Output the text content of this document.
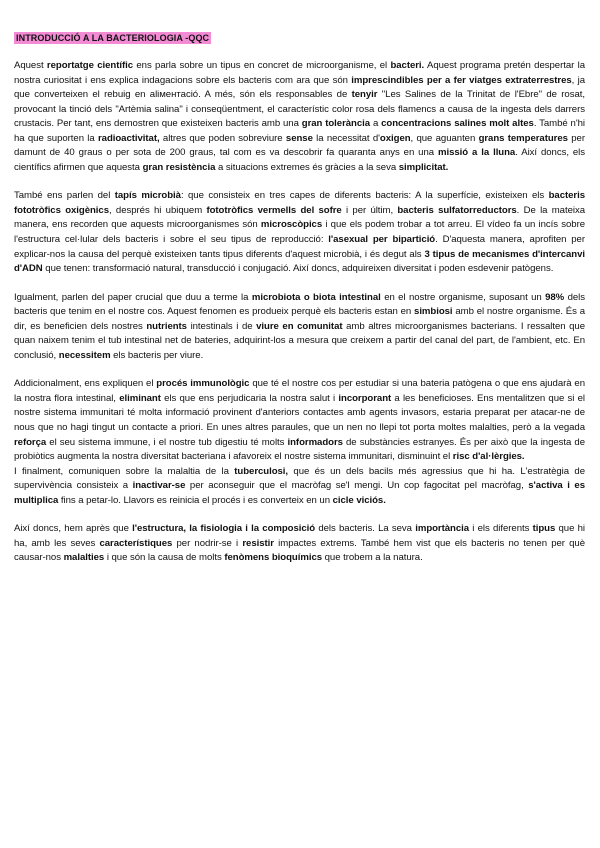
INTRODUCCIÓ A LA BACTERIOLOGIA -QQC

Aquest reportatge científic ens parla sobre un tipus en concret de microorganisme, el bacteri. Aquest programa pretén despertar la nostra curiositat i ens explica indagacions sobre els bacteris com ara que són imprescindibles per a fer viatges extraterrestres, ja que converteixen el rebuig en aliментació. A més, són els responsables de tenyir "Les Salines de la Trinitat de l'Ebre" de rosat, provocant la tinció dels "Artèmia salina" i conseqüentment, el característic color rosa dels flamencs a causa de la ingesta dels darrers crustacis. Per tant, ens demostren que existeixen bacteris amb una gran tolerància a concentracions salines molt altes. També n'hi ha que suporten la radioactivitat, altres que poden sobreviure sense la necessitat d'oxigen, que aguanten grans temperatures per damunt de 40 graus o per sota de 200 graus, tal com es va descobrir fa quaranta anys en una missió a la lluna. Així doncs, els científics afirmen que aquesta gran resistència a situacions extremes és gràcies a la seva simplicitat.

També ens parlen del tapís microbià: que consisteix en tres capes de diferents bacteris: A la superfície, existeixen els bacteris fototròfics oxigènics, després hi ubiquem fototròfics vermells del sofre i per últim, bacteris sulfatorreductors. De la mateixa manera, ens recorden que aquests microorganismes són microscòpics i que els podem trobar a tot arreu. El vídeo fa un incís sobre l'estructura cel·lular dels bacteris i sobre el seu tipus de reproducció: l'asexual per bipartició. D'aquesta manera, aprofiten per explicar-nos la causa del perquè existeixen tants tipus diferents d'aquest microbià, i és degut als 3 tipus de mecanismes d'intercanvi d'ADN que tenen: transformació natural, transducció i conjugació. Així doncs, adquireixen diversitat i poden esdevenir patògens.

Igualment, parlen del paper crucial que duu a terme la microbiota o biota intestinal en el nostre organisme, suposant un 98% dels bacteris que tenim en el nostre cos. Aquest fenomen es produeix perquè els bacteris estan en simbiosi amb el nostre organisme. És a dir, es beneficien dels nostres nutrients intestinals i de viure en comunitat amb altres microorganismes bacterians. I ressalten que quan naixem tenim el tub intestinal net de bateries, adquirint-los a mesura que creixem a partir del canal del part, de l'ambient, etc. En conclusió, necessitem els bacteris per viure.

Addicionalment, ens expliquen el procés immunològic que té el nostre cos per estudiar si una bateria patògena o que ens ajudarà en la nostra flora intestinal, eliminant els que ens perjudicaria la nostra salut i incorporant a les beneficioses. Ens mentalitzen que si el nostre sistema immunitari té molta informació provinent d'anteriors contactes amb agents invasors, estaria preparat per atacar-ne de nous que no hagi tingut un contacte a priori. En unes altres paraules, que un nen no llepi tot porta moltes malalties, però a la vegada reforça el seu sistema immune, i el nostre tub digestiu té molts informadors de substàncies estranyes. És per això que la ingesta de probiòtics augmenta la nostra diversitat bacteriana i afavoreix el nostre sistema immunitari, disminuint el risc d'al·lèrgies.

I finalment, comuniquen sobre la malaltia de la tuberculosi, que és un dels bacils més agressius que hi ha. L'estratègia de supervivència consisteix a inactivar-se per aconseguir que el macròfag se'l mengi. Un cop fagocitat pel macròfag, s'activa i es multiplica fins a petar-lo. Llavors es reinicia el procés i es converteix en un cicle viciós.

Així doncs, hem après que l'estructura, la fisiologia i la composició dels bacteris. La seva importància i els diferents tipus que hi ha, amb les seves característiques per nodrir-se i resistir impactes extrems. També hem vist que els bacteris no tenen per què causar-nos malalties i que són la causa de molts fenòmens bioquímics que trobem a la natura.
